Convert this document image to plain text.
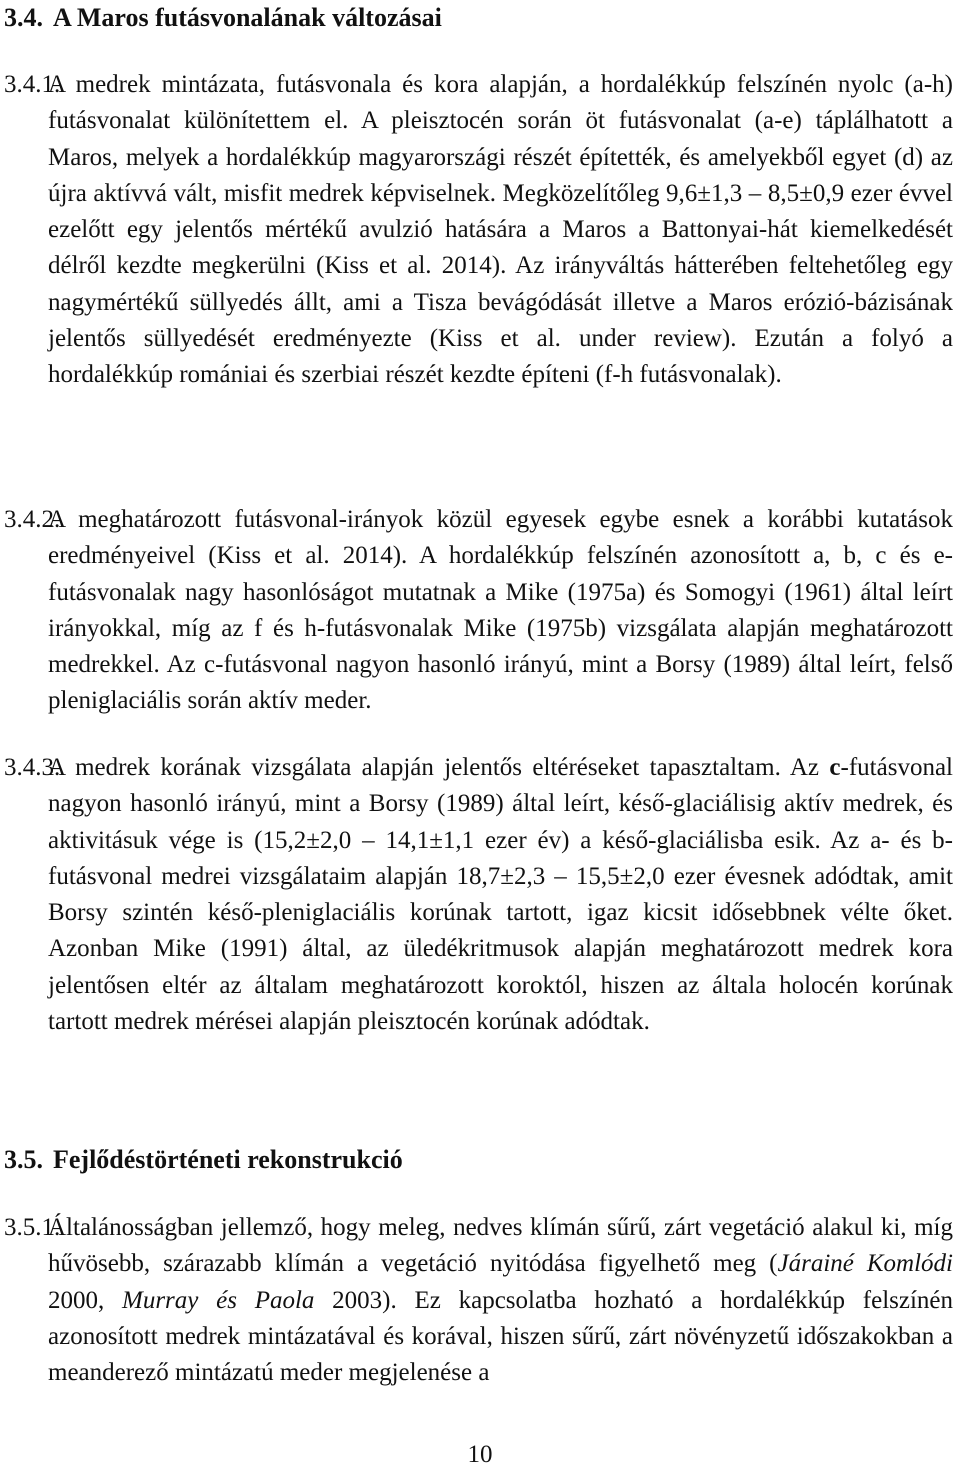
3.4. A Maros futásvonalának változásai

3.4.1.
A medrek mintázata, futásvonala és kora alapján, a hordalékkúp felszínén nyolc (a-h) futásvonalat különítettem el. A pleisztocén során öt futásvonalat (a-e) táplálhatott a Maros, melyek a hordalékkúp magyarországi részét építették, és amelyekből egyet (d) az újra aktívvá vált, misfit medrek képviselnek. Megközelítőleg 9,6±1,3 – 8,5±0,9 ezer évvel ezelőtt egy jelentős mértékű avulzió hatására a Maros a Battonyai-hát kiemelkedését délről kezdte megkerülni (Kiss et al. 2014). Az irányváltás hátterében feltehetőleg egy nagymértékű süllyedés állt, ami a Tisza bevágódását illetve a Maros erózió-bázisának jelentős süllyedését eredményezte (Kiss et al. under review). Ezután a folyó a hordalékkúp romániai és szerbiai részét kezdte építeni (f-h futásvonalak).

3.4.2.
A meghatározott futásvonal-irányok közül egyesek egybe esnek a korábbi kutatások eredményeivel (Kiss et al. 2014). A hordalékkúp felszínén azonosított a, b, c és e-futásvonalak nagy hasonlóságot mutatnak a Mike (1975a) és Somogyi (1961) által leírt irányokkal, míg az f és h-futásvonalak Mike (1975b) vizsgálata alapján meghatározott medrekkel. Az c-futásvonal nagyon hasonló irányú, mint a Borsy (1989) által leírt, felső pleniglaciális során aktív meder.

3.4.3.
A medrek korának vizsgálata alapján jelentős eltéréseket tapasztaltam. Az c-futásvonal nagyon hasonló irányú, mint a Borsy (1989) által leírt, késő-glaciálisig aktív medrek, és aktivitásuk vége is (15,2±2,0 – 14,1±1,1 ezer év) a késő-glaciálisba esik. Az a- és b-futásvonal medrei vizsgálataim alapján 18,7±2,3 – 15,5±2,0 ezer évesnek adódtak, amit Borsy szintén késő-pleniglaciális korúnak tartott, igaz kicsit idősebbnek vélte őket. Azonban Mike (1991) által, az üledékritmusok alapján meghatározott medrek kora jelentősen eltér az általam meghatározott koroktól, hiszen az általa holocén korúnak tartott medrek mérései alapján pleisztocén korúnak adódtak.

3.5. Fejlődéstörténeti rekonstrukció

3.5.1.
Általánosságban jellemző, hogy meleg, nedves klímán sűrű, zárt vegetáció alakul ki, míg hűvösebb, szárazabb klímán a vegetáció nyitódása figyelhető meg (Járainé Komlódi 2000, Murray és Paola 2003). Ez kapcsolatba hozható a hordalékkúp felszínén azonosított medrek mintázatával és korával, hiszen sűrű, zárt növényzetű időszakokban a meanderező mintázatú meder megjelenése a

10
